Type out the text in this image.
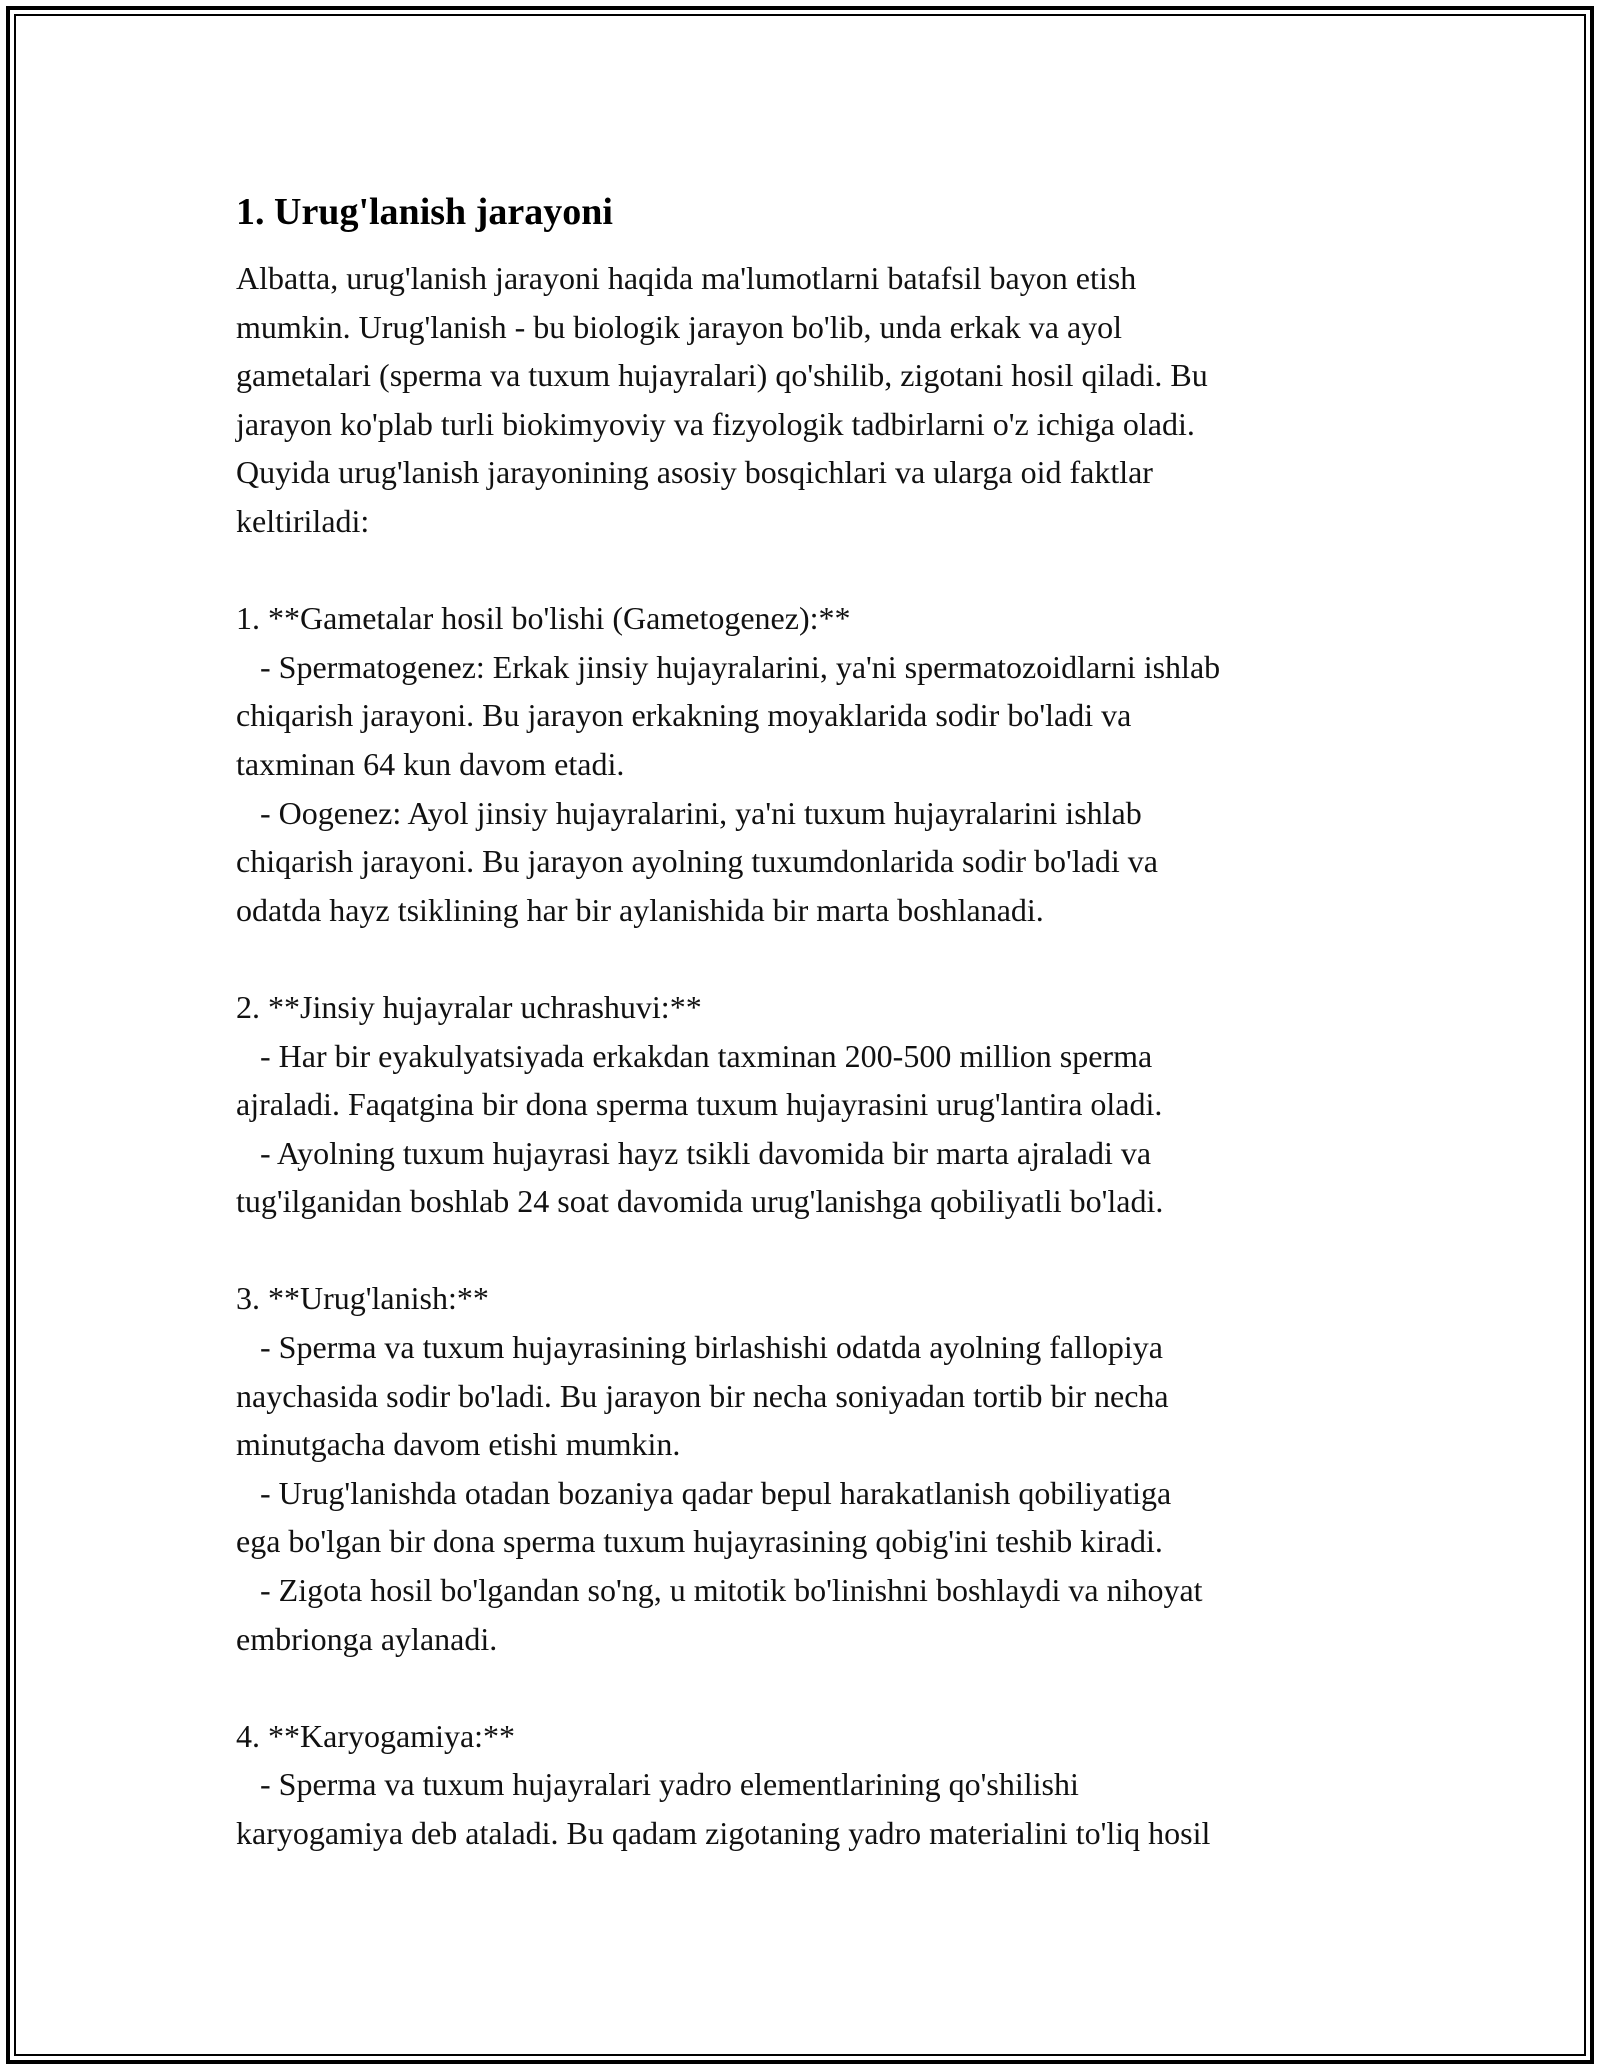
1. Urug'lanish jarayoni
Albatta, urug'lanish jarayoni haqida ma'lumotlarni batafsil bayon etish
mumkin. Urug'lanish - bu biologik jarayon bo'lib, unda erkak va ayol
gametalari (sperma va tuxum hujayralari) qo'shilib, zigotani hosil qiladi. Bu
jarayon ko'plab turli biokimyoviy va fizyologik tadbirlarni o'z ichiga oladi.
Quyida urug'lanish jarayonining asosiy bosqichlari va ularga oid faktlar
keltiriladi:

1. **Gametalar hosil bo'lishi (Gametogenez):**
- Spermatogenez: Erkak jinsiy hujayralarini, ya'ni spermatozoidlarni ishlab
chiqarish jarayoni. Bu jarayon erkakning moyaklarida sodir bo'ladi va
taxminan 64 kun davom etadi.
- Oogenez: Ayol jinsiy hujayralarini, ya'ni tuxum hujayralarini ishlab
chiqarish jarayoni. Bu jarayon ayolning tuxumdonlarida sodir bo'ladi va
odatda hayz tsiklining har bir aylanishida bir marta boshlanadi.

2. **Jinsiy hujayralar uchrashuvi:**
- Har bir eyakulyatsiyada erkakdan taxminan 200-500 million sperma
ajraladi. Faqatgina bir dona sperma tuxum hujayrasini urug'lantira oladi.
- Ayolning tuxum hujayrasi hayz tsikli davomida bir marta ajraladi va
tug'ilganidan boshlab 24 soat davomida urug'lanishga qobiliyatli bo'ladi.

3. **Urug'lanish:**
- Sperma va tuxum hujayrasining birlashishi odatda ayolning fallopiya
naychasida sodir bo'ladi. Bu jarayon bir necha soniyadan tortib bir necha
minutgacha davom etishi mumkin.
- Urug'lanishda otadan bozaniya qadar bepul harakatlanish qobiliyatiga
ega bo'lgan bir dona sperma tuxum hujayrasining qobig'ini teshib kiradi.
- Zigota hosil bo'lgandan so'ng, u mitotik bo'linishni boshlaydi va nihoyat
embrionga aylanadi.

4. **Karyogamiya:**
- Sperma va tuxum hujayralari yadro elementlarining qo'shilishi
karyogamiya deb ataladi. Bu qadam zigotaning yadro materialini to'liq hosil
